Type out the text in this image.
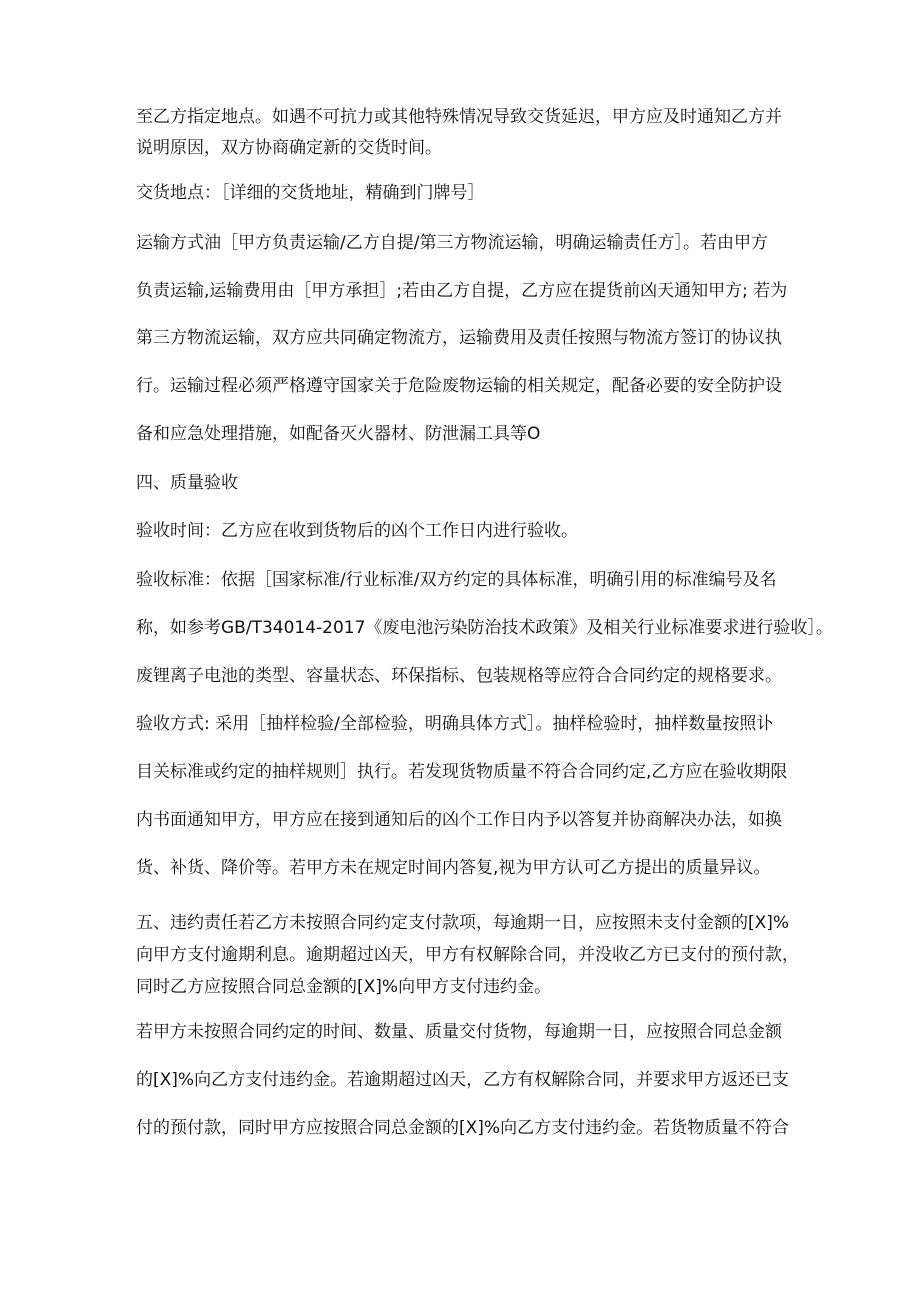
至乙方指定地点。如遇不可抗力或其他特殊情况导致交货延迟，甲方应及时通知乙方并
说明原因，双方协商确定新的交货时间。
交货地点：［详细的交货地址，精确到门牌号］
运输方式油［甲方负责运输/乙方自提/第三方物流运输，明确运输责任方］。若由甲方
负责运输,运输费用由［甲方承担］;若由乙方自提，乙方应在提货前凶天通知甲方; 若为
第三方物流运输，双方应共同确定物流方，运输费用及责任按照与物流方签订的协议执
行。运输过程必须严格遵守国家关于危险废物运输的相关规定，配备必要的安全防护设
备和应急处理措施，如配备灭火器材、防泄漏工具等O
四、质量验收
验收时间：乙方应在收到货物后的凶个工作日内进行验收。
验收标准：依据［国家标准/行业标准/双方约定的具体标准，明确引用的标准编号及名
称，如参考GB/T34014-2017《废电池污染防治技术政策》及相关行业标准要求进行验收］。
废锂离子电池的类型、容量状态、环保指标、包装规格等应符合合同约定的规格要求。
验收方式: 采用［抽样检验/全部检验，明确具体方式］。抽样检验时，抽样数量按照讣
目关标准或约定的抽样规则］执行。若发现货物质量不符合合同约定,乙方应在验收期限
内书面通知甲方，甲方应在接到通知后的凶个工作日内予以答复并协商解决办法，如换
货、补货、降价等。若甲方未在规定时间内答复,视为甲方认可乙方提出的质量异议。
五、违约责任若乙方未按照合同约定支付款项，每逾期一日，应按照未支付金额的[X]%
向甲方支付逾期利息。逾期超过凶天，甲方有权解除合同，并没收乙方已支付的预付款，
同时乙方应按照合同总金额的[X]%向甲方支付违约金。
若甲方未按照合同约定的时间、数量、质量交付货物，每逾期一日，应按照合同总金额
的[X]%向乙方支付违约金。若逾期超过凶天，乙方有权解除合同，并要求甲方返还已支
付的预付款，同时甲方应按照合同总金额的[X]%向乙方支付违约金。若货物质量不符合
